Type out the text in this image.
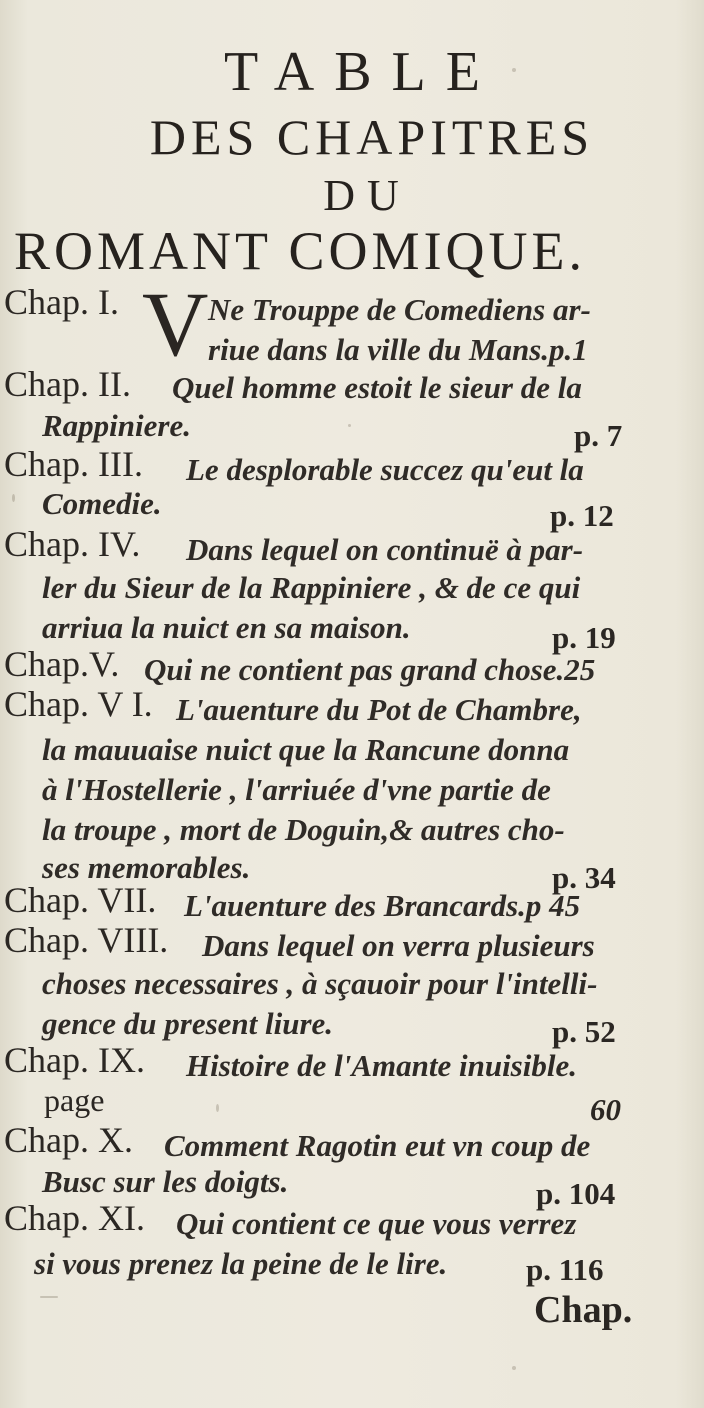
TABLE
DES CHAPITRES
DU
ROMANT COMIQUE.
Chap. I. V Ne Trouppe de Comediens ar-
riue dans la ville du Mans.p.1
Chap. II. Quel homme estoit le sieur de la
Rappiniere.	p. 7
Chap. III. Le desplorable succez qu'eut la
Comedie.	p. 12
Chap. IV. Dans lequel on continuë à par-
ler du Sieur de la Rappiniere , & de ce qui
arriua la nuict en sa maison.	p. 19
Chap.V. Qui ne contient pas grand chose.25
Chap. V I. L'auenture du Pot de Chambre,
la mauuaise nuict que la Rancune donna
à l'Hostellerie , l'arriuée d'vne partie de
la troupe , mort de Doguin,& autres cho-
ses memorables.	p. 34
Chap. VII. L'auenture des Brancards.p 45
Chap. VIII. Dans lequel on verra plusieurs
choses necessaires , à sçauoir pour l'intelli-
gence du present liure.	p. 52
Chap. IX. Histoire de l'Amante inuisible.
page	60
Chap. X. Comment Ragotin eut vn coup de
Busc sur les doigts.	p. 104
Chap. XI. Qui contient ce que vous verrez
si vous prenez la peine de le lire.	p. 116
Chap.
